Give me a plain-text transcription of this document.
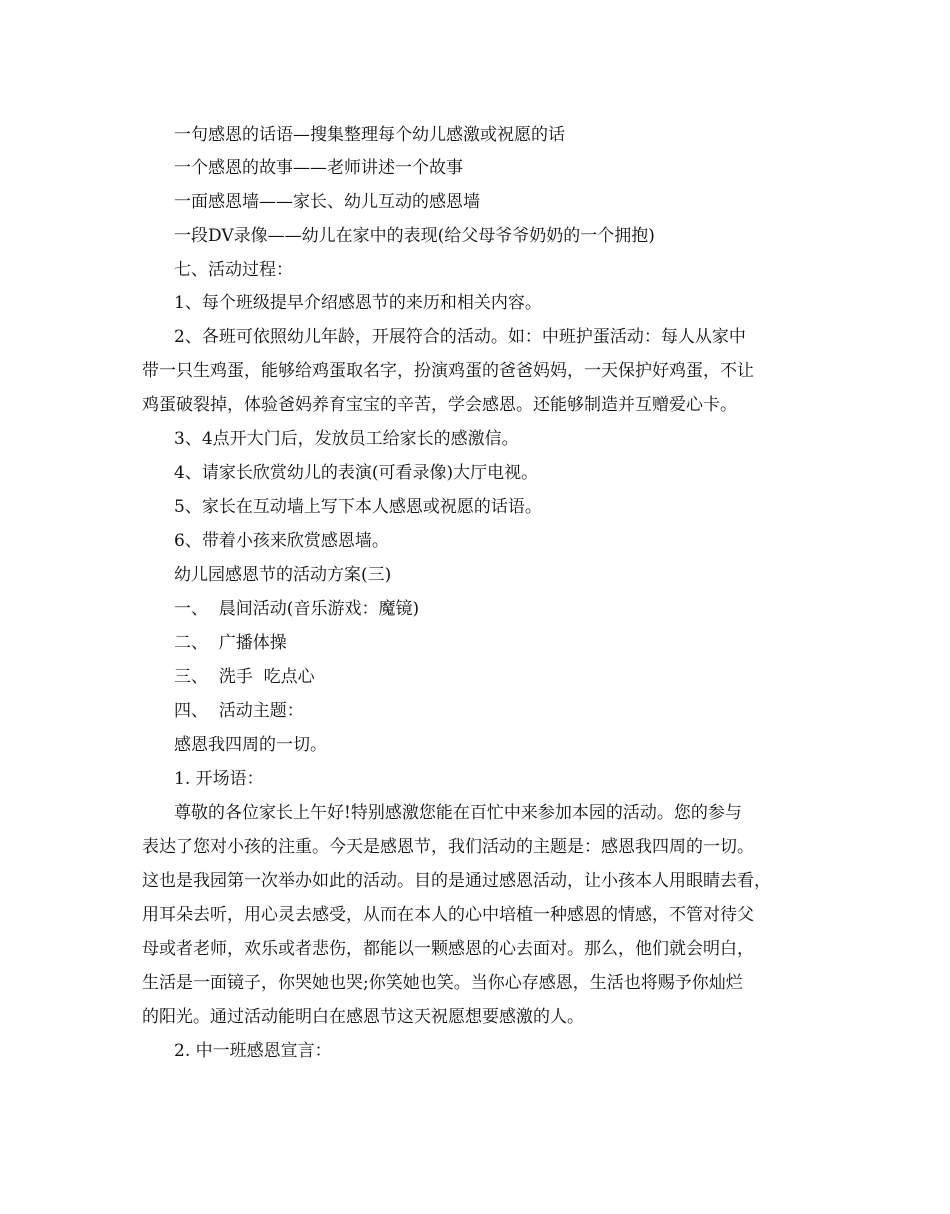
一句感恩的话语—搜集整理每个幼儿感激或祝愿的话
一个感恩的故事——老师讲述一个故事
一面感恩墙——家长、幼儿互动的感恩墙
一段DV录像——幼儿在家中的表现(给父母爷爷奶奶的一个拥抱)
七、活动过程：
1、每个班级提早介绍感恩节的来历和相关内容。
2、各班可依照幼儿年龄，开展符合的活动。如：中班护蛋活动：每人从家中
带一只生鸡蛋，能够给鸡蛋取名字，扮演鸡蛋的爸爸妈妈，一天保护好鸡蛋，不让
鸡蛋破裂掉，体验爸妈养育宝宝的辛苦，学会感恩。还能够制造并互赠爱心卡。
3、4点开大门后，发放员工给家长的感激信。
4、请家长欣赏幼儿的表演(可看录像)大厅电视。
5、家长在互动墙上写下本人感恩或祝愿的话语。
6、带着小孩来欣赏感恩墙。
幼儿园感恩节的活动方案(三)
一、  晨间活动(音乐游戏：魔镜)
二、  广播体操
三、  洗手  吃点心
四、  活动主题：
感恩我四周的一切。
1. 开场语：
尊敬的各位家长上午好!特别感激您能在百忙中来参加本园的活动。您的参与
表达了您对小孩的注重。今天是感恩节，我们活动的主题是：感恩我四周的一切。
这也是我园第一次举办如此的活动。目的是通过感恩活动，让小孩本人用眼睛去看，
用耳朵去听，用心灵去感受，从而在本人的心中培植一种感恩的情感，不管对待父
母或者老师，欢乐或者悲伤，都能以一颗感恩的心去面对。那么，他们就会明白，
生活是一面镜子，你哭她也哭;你笑她也笑。当你心存感恩，生活也将赐予你灿烂
的阳光。通过活动能明白在感恩节这天祝愿想要感激的人。
2. 中一班感恩宣言：
